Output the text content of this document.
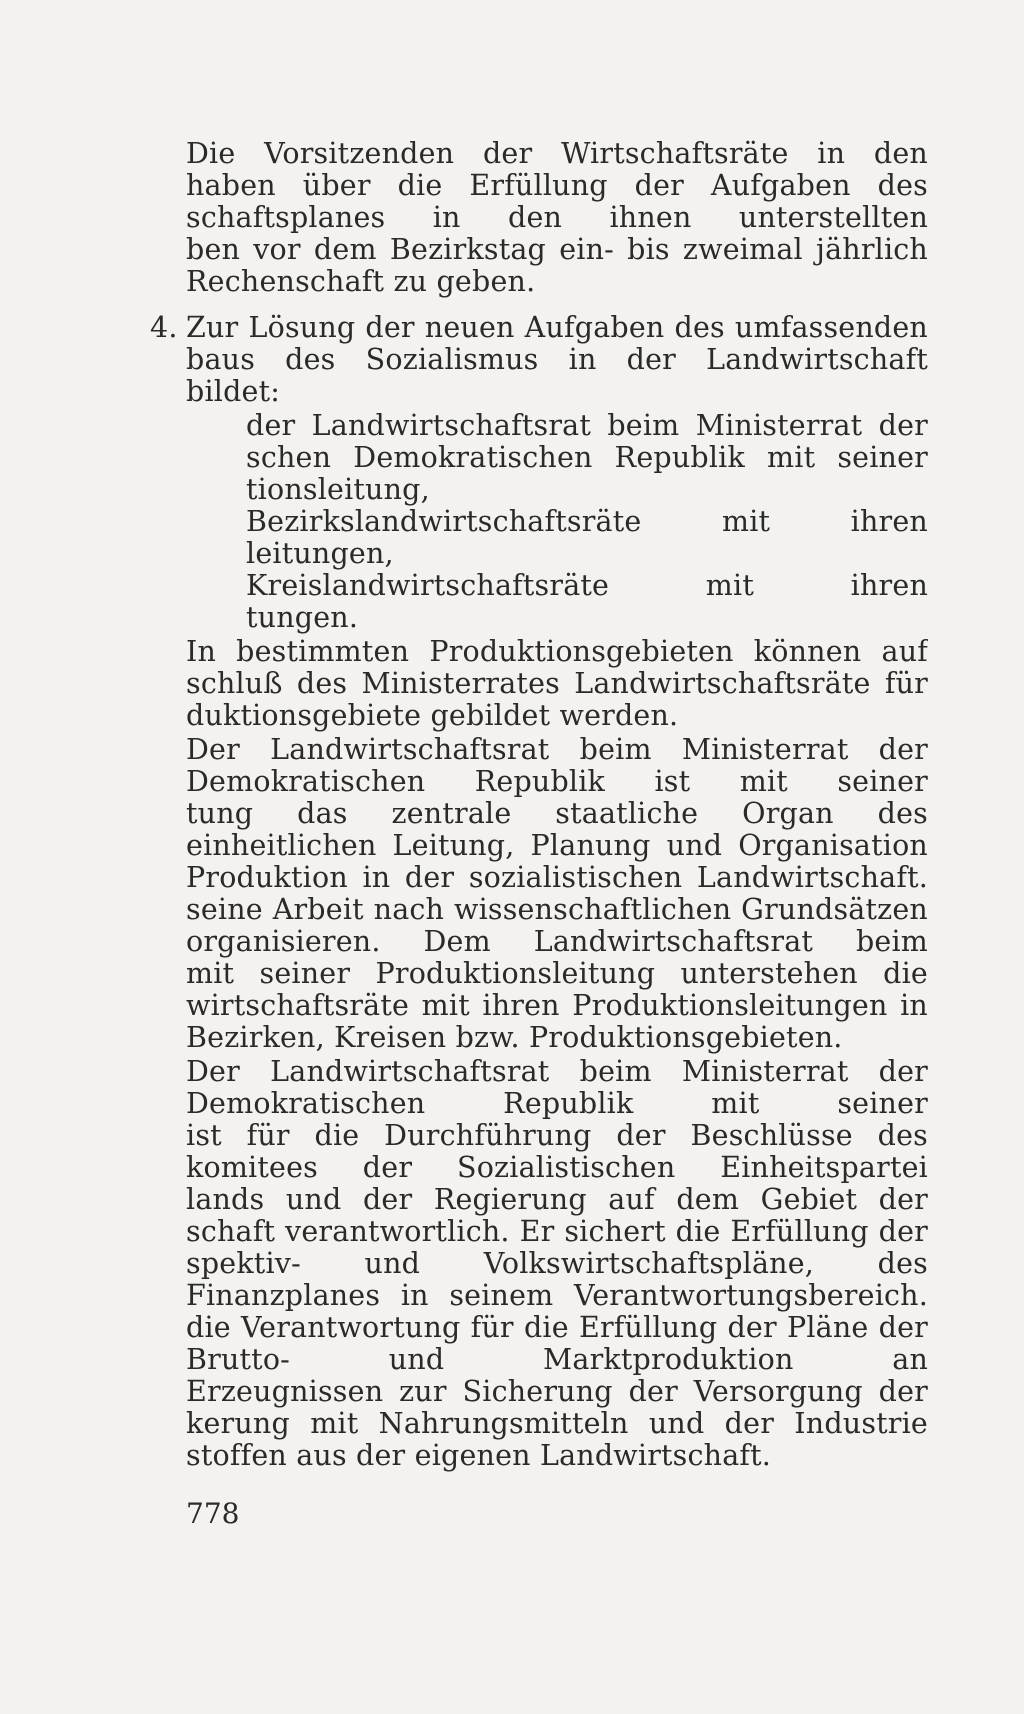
Die Vorsitzenden der Wirtschaftsräte in den
haben über die Erfüllung der Aufgaben des
schaftsplanes in den ihnen unterstellten
ben vor dem Bezirkstag ein- bis zweimal jährlich
Rechenschaft zu geben.
4. Zur Lösung der neuen Aufgaben des umfassenden
baus des Sozialismus in der Landwirtschaft
bildet:
der Landwirtschaftsrat beim Ministerrat der
schen Demokratischen Republik mit seiner
tionsleitung,
Bezirkslandwirtschaftsräte mit ihren
leitungen,
Kreislandwirtschaftsräte mit ihren
tungen.
In bestimmten Produktionsgebieten können auf
schluß des Ministerrates Landwirtschaftsräte für
duktionsgebiete gebildet werden.
Der Landwirtschaftsrat beim Ministerrat der
Demokratischen Republik ist mit seiner
tung das zentrale staatliche Organ des
einheitlichen Leitung, Planung und Organisation
Produktion in der sozialistischen Landwirtschaft.
seine Arbeit nach wissenschaftlichen Grundsätzen
organisieren. Dem Landwirtschaftsrat beim
mit seiner Produktionsleitung unterstehen die
wirtschaftsräte mit ihren Produktionsleitungen in
Bezirken, Kreisen bzw. Produktionsgebieten.
Der Landwirtschaftsrat beim Ministerrat der
Demokratischen Republik mit seiner
ist für die Durchführung der Beschlüsse des
komitees der Sozialistischen Einheitspartei
lands und der Regierung auf dem Gebiet der
schaft verantwortlich. Er sichert die Erfüllung der
spektiv- und Volkswirtschaftspläne, des
Finanzplanes in seinem Verantwortungsbereich.
die Verantwortung für die Erfüllung der Pläne der
Brutto- und Marktproduktion an
Erzeugnissen zur Sicherung der Versorgung der
kerung mit Nahrungsmitteln und der Industrie
stoffen aus der eigenen Landwirtschaft.
778
